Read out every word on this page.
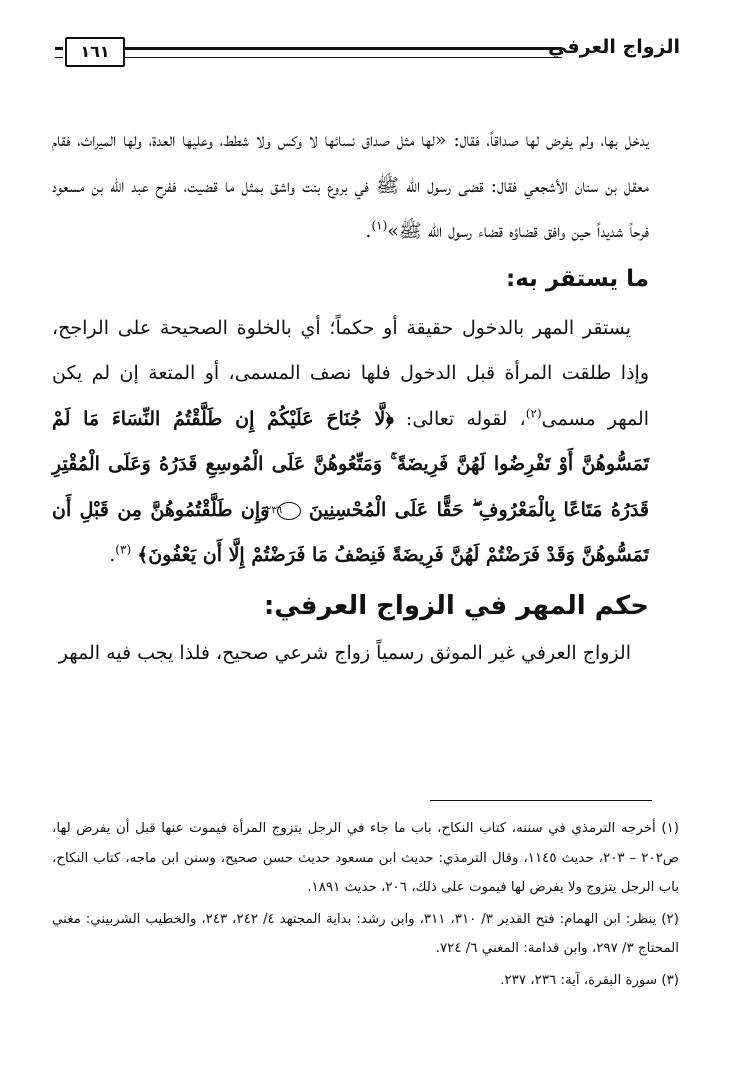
الزواج العرفي
١٦١

يدخل بها، ولم يفرض لها صداقاً، فقال: «لها مثل صداق نسائها لا وكس ولا شطط، وعليها العدة، ولها الميراث، فقام معقل بن سنان الأشجعي فقال: قضى رسول الله ﷺ في بروع بنت واشق بمثل ما قضيت، ففرح عبد الله بن مسعود فرحاً شديداً حين وافق قضاؤه قضاء رسول الله ﷺ»$^{(١)}$.

ما يستقر به:

يستقر المهر بالدخول حقيقة أو حكماً؛ أي بالخلوة الصحيحة على الراجح، وإذا طلقت المرأة قبل الدخول فلها نصف المسمى، أو المتعة إن لم يكن المهر مسمى$^{(٢)}$، لقوله تعالى: ﴿لَّا جُنَاحَ عَلَيْكُمْ إِن طَلَّقْتُمُ النِّسَاءَ مَا لَمْ تَمَسُّوهُنَّ أَوْ تَفْرِضُوا لَهُنَّ فَرِيضَةً ۚ وَمَتِّعُوهُنَّ عَلَى الْمُوسِعِ قَدَرُهُ وَعَلَى الْمُقْتِرِ قَدَرُهُ مَتَاعًا بِالْمَعْرُوفِ ۖ حَقًّا عَلَى الْمُحْسِنِينَ ٢٣٦ وَإِن طَلَّقْتُمُوهُنَّ مِن قَبْلِ أَن تَمَسُّوهُنَّ وَقَدْ فَرَضْتُمْ لَهُنَّ فَرِيضَةً فَنِصْفُ مَا فَرَضْتُمْ إِلَّا أَن يَعْفُونَ﴾ $^{(٣)}$.

حكم المهر في الزواج العرفي:

الزواج العرفي غير الموثق رسمياً زواج شرعي صحيح، فلذا يجب فيه المهر

(١) أخرجه الترمذي في سننه، كتاب النكاح، باب ما جاء في الرجل يتزوج المرأة فيموت عنها قبل أن يفرض لها، ص٢٠٢ – ٢٠٣، حديث ١١٤٥، وقال الترمذي: حديث ابن مسعود حديث حسن صحيح، وسنن ابن ماجه، كتاب النكاح، باب الرجل يتزوج ولا يفرض لها فيموت على ذلك، ٢٠٦، حديث ١٨٩١.

(٢) ينظر: ابن الهمام: فتح القدير ٣/ ٣١٠، ٣١١، وابن رشد: بداية المجتهد ٤/ ٢٤٢، ٢٤٣، والخطيب الشربيني: مغني المحتاج ٣/ ٢٩٧، وابن قدامة: المغني ٦/ ٧٢٤.

(٣) سورة البقرة، آية: ٢٣٦، ٢٣٧.
